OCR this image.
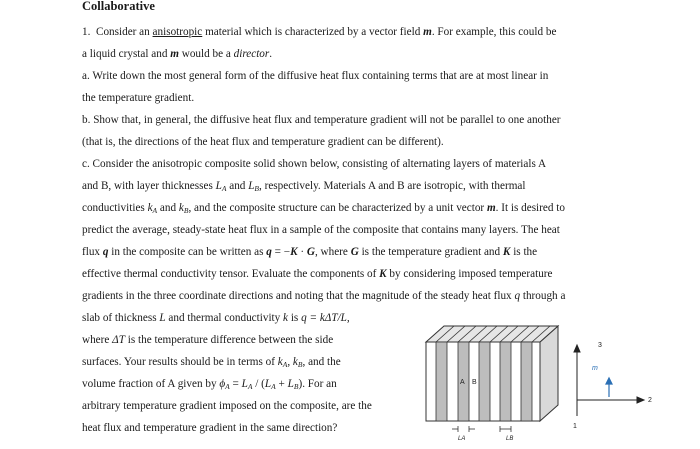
Collaborative
1. Consider an anisotropic material which is characterized by a vector field m. For example, this could be
a liquid crystal and m would be a director.
a. Write down the most general form of the diffusive heat flux containing terms that are at most linear in
the temperature gradient.
b. Show that, in general, the diffusive heat flux and temperature gradient will not be parallel to one another
(that is, the directions of the heat flux and temperature gradient can be different).
c. Consider the anisotropic composite solid shown below, consisting of alternating layers of materials A
and B, with layer thicknesses $L_A$ and $L_B$, respectively. Materials A and B are isotropic, with thermal
conductivities $k_A$ and $k_B$, and the composite structure can be characterized by a unit vector m. It is desired to
predict the average, steady-state heat flux in a sample of the composite that contains many layers. The heat
flux q in the composite can be written as q = −K · G, where G is the temperature gradient and K is the
effective thermal conductivity tensor. Evaluate the components of K by considering imposed temperature
gradients in the three coordinate directions and noting that the magnitude of the steady heat flux q through a
slab of thickness L and thermal conductivity k is q = kΔT/L,
where ΔT is the temperature difference between the side
surfaces. Your results should be in terms of $k_A$, $k_B$, and the
volume fraction of A given by $\phi_A = L_A / (L_A + L_B)$. For an
arbitrary temperature gradient imposed on the composite, are the
heat flux and temperature gradient in the same direction?
A B
LA	LB
m
3
2
1
